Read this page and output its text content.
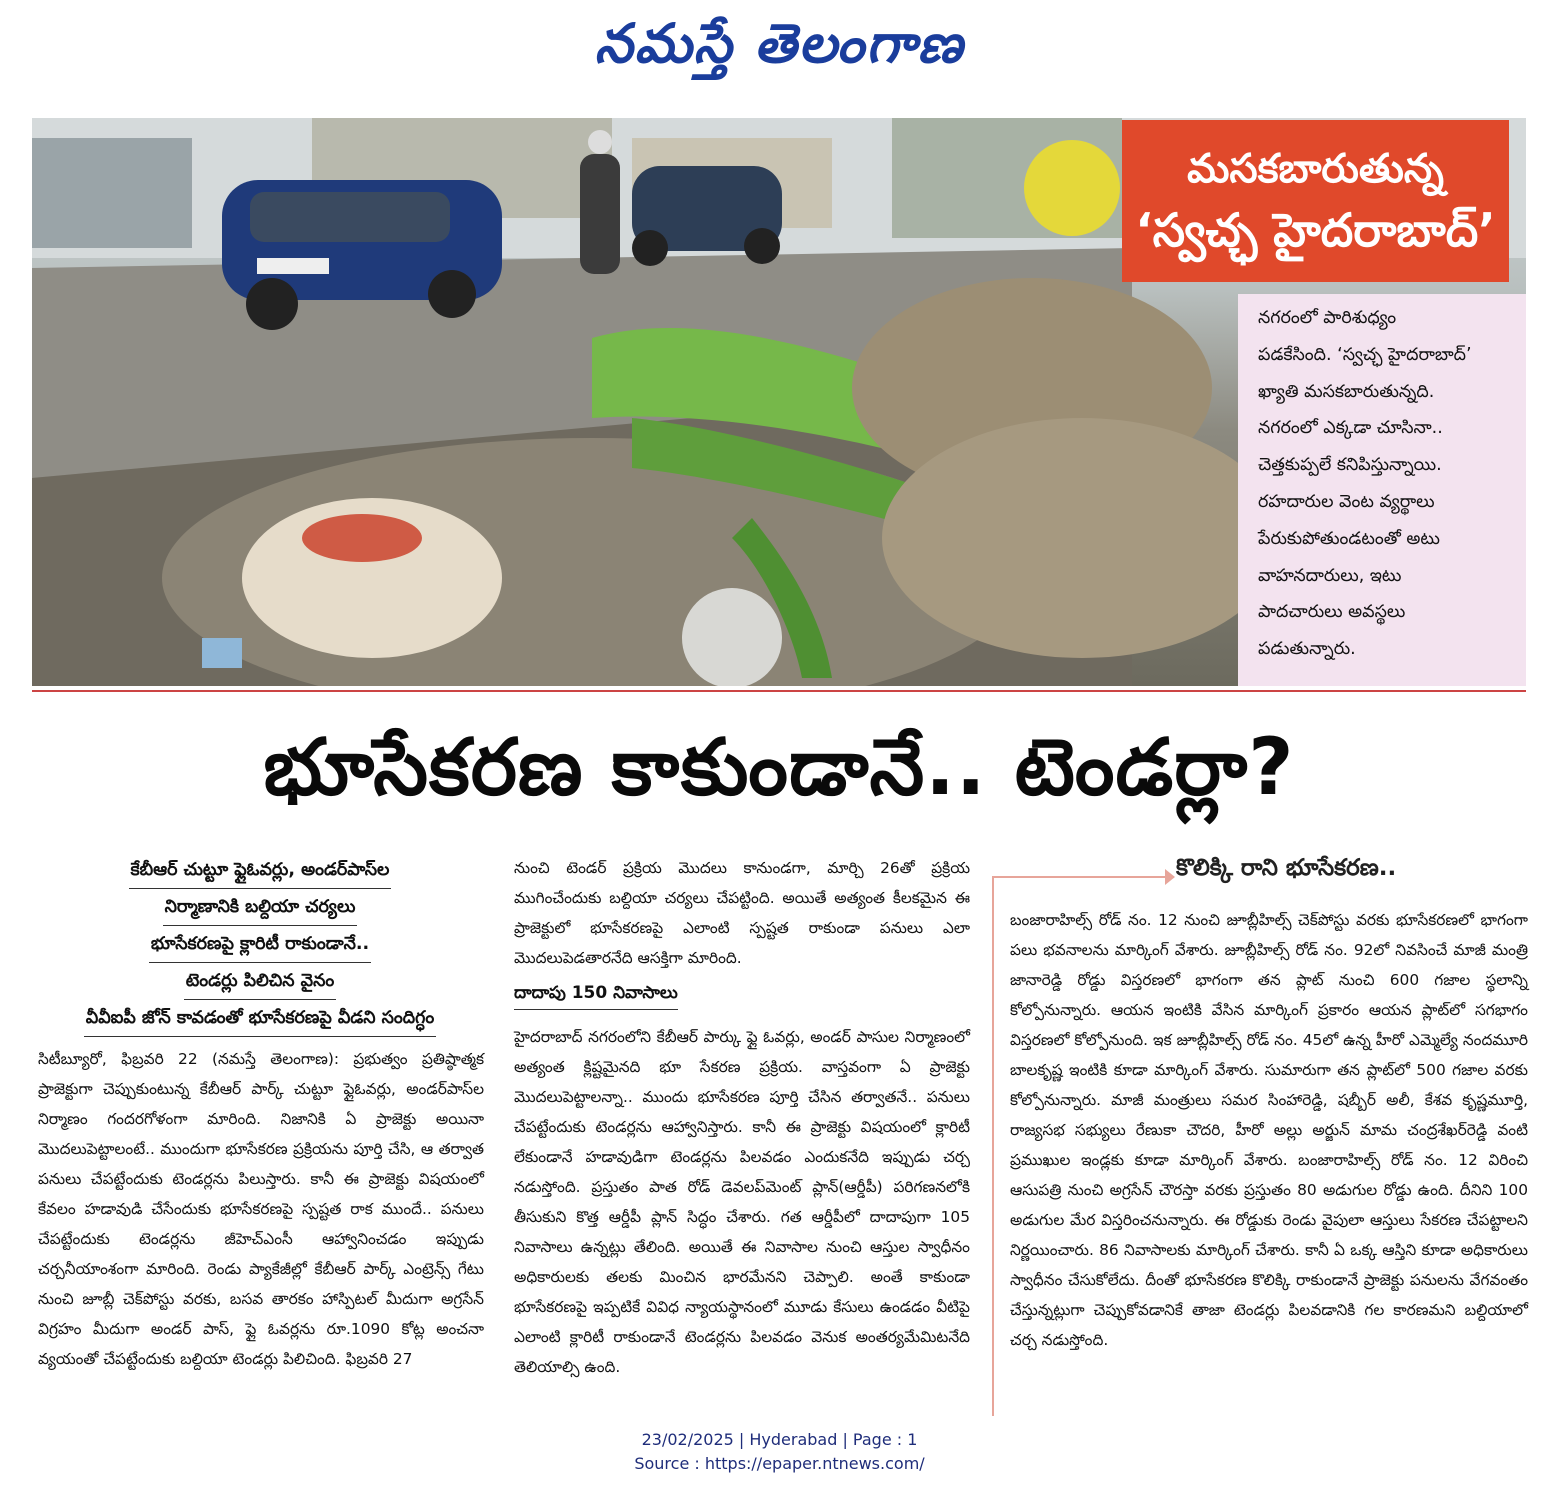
నమస్తే తెలంగాణ
మసకబారుతున్న
‘స్వచ్ఛ హైదరాబాద్’

నగరంలో పారిశుధ్యం

పడకేసింది. ‘స్వచ్ఛ హైదరాబాద్’

ఖ్యాతి మసకబారుతున్నది.

నగరంలో ఎక్కడా చూసినా..

చెత్తకుప్పలే కనిపిస్తున్నాయి.

రహదారుల వెంట వ్యర్థాలు

పేరుకుపోతుండటంతో అటు

వాహనదారులు, ఇటు

పాదచారులు అవస్థలు

పడుతున్నారు.

భూసేకరణ కాకుండానే.. టెండర్లా?
కేబీఆర్ చుట్టూ ఫ్లైఓవర్లు, అండర్‌పాస్‌ల
నిర్మాణానికి బల్దియా చర్యలు
భూసేకరణపై క్లారిటీ రాకుండానే..
టెండర్లు పిలిచిన వైనం
వీవీఐపీ జోన్ కావడంతో భూసేకరణపై వీడని సందిగ్ధం
సిటీబ్యూరో, ఫిబ్రవరి 22 (నమస్తే తెలంగాణ): ప్రభుత్వం ప్రతిష్ఠాత్మక ప్రాజెక్టుగా చెప్పుకుంటున్న కేబీఆర్ పార్క్ చుట్టూ ఫ్లైఓవర్లు, అండర్‌పాస్‌ల నిర్మాణం గందరగోళంగా మారింది. నిజానికి ఏ ప్రాజెక్టు అయినా మొదలుపెట్టాలంటే.. ముందుగా భూసేకరణ ప్రక్రియను పూర్తి చేసి, ఆ తర్వాత పనులు చేపట్టేందుకు టెండర్లను పిలుస్తారు. కానీ ఈ ప్రాజెక్టు విషయంలో కేవలం హడావుడి చేసేందుకు భూసేకరణపై స్పష్టత రాక ముందే.. పనులు చేపట్టేందుకు టెండర్లను జీహెచ్‌ఎంసీ ఆహ్వానించడం ఇప్పుడు చర్చనీయాంశంగా మారింది. రెండు ప్యాకేజీల్లో కేబీఆర్ పార్క్ ఎంట్రెన్స్ గేటు నుంచి జూబ్లీ చెక్‌పోస్టు వరకు, బసవ తారకం హాస్పిటల్ మీదుగా అగ్రసేన్ విగ్రహం మీదుగా అండర్ పాస్, ఫ్లై ఓవర్లను రూ.1090 కోట్ల అంచనా వ్యయంతో చేపట్టేందుకు బల్దియా టెండర్లు పిలిచింది. ఫిబ్రవరి 27
నుంచి టెండర్ ప్రక్రియ మొదలు కానుండగా, మార్చి 26తో ప్రక్రియ ముగించేందుకు బల్దియా చర్యలు చేపట్టింది. అయితే అత్యంత కీలకమైన ఈ ప్రాజెక్టులో భూసేకరణపై ఎలాంటి స్పష్టత రాకుండా పనులు ఎలా మొదలుపెడతారనేది ఆసక్తిగా మారింది.
దాదాపు 150 నివాసాలు
హైదరాబాద్ నగరంలోని కేబీఆర్ పార్కు ఫ్లై ఓవర్లు, అండర్ పాసుల నిర్మాణంలో అత్యంత క్లిష్టమైనది భూ సేకరణ ప్రక్రియ. వాస్తవంగా ఏ ప్రాజెక్టు మొదలుపెట్టాలన్నా.. ముందు భూసేకరణ పూర్తి చేసిన తర్వాతనే.. పనులు చేపట్టేందుకు టెండర్లను ఆహ్వానిస్తారు. కానీ ఈ ప్రాజెక్టు విషయంలో క్లారిటీ లేకుండానే హడావుడిగా టెండర్లను పిలవడం ఎందుకనేది ఇప్పుడు చర్చ నడుస్తోంది. ప్రస్తుతం పాత రోడ్ డెవలప్‌మెంట్ ప్లాన్(ఆర్డీపీ) పరిగణనలోకి తీసుకుని కొత్త ఆర్డీపీ ప్లాన్ సిద్ధం చేశారు. గత ఆర్డీపీలో దాదాపుగా 105 నివాసాలు ఉన్నట్లు తేలింది. అయితే ఈ నివాసాల నుంచి ఆస్తుల స్వాధీనం అధికారులకు తలకు మించిన భారమేనని చెప్పాలి. అంతే కాకుండా భూసేకరణపై ఇప్పటికే వివిధ న్యాయస్థానంలో మూడు కేసులు ఉండడం వీటిపై ఎలాంటి క్లారిటీ రాకుండానే టెండర్లను పిలవడం వెనుక అంతర్యమేమిటనేది తెలియాల్సి ఉంది.
కొలిక్కి రాని భూసేకరణ..
బంజారాహిల్స్ రోడ్ నం. 12 నుంచి జూబ్లీహిల్స్ చెక్‌పోస్టు వరకు భూసేకరణలో భాగంగా పలు భవనాలను మార్కింగ్ వేశారు. జూబ్లీహిల్స్ రోడ్ నం. 92లో నివసించే మాజీ మంత్రి జానారెడ్డి రోడ్డు విస్తరణలో భాగంగా తన ప్లాట్ నుంచి 600 గజాల స్థలాన్ని కోల్పోనున్నారు. ఆయన ఇంటికి వేసిన మార్కింగ్ ప్రకారం ఆయన ప్లాట్‌లో సగభాగం విస్తరణలో కోల్పోనుంది. ఇక జూబ్లీహిల్స్ రోడ్ నం. 45లో ఉన్న హీరో ఎమ్మెల్యే నందమూరి బాలకృష్ణ ఇంటికి కూడా మార్కింగ్ వేశారు. సుమారుగా తన ప్లాట్‌లో 500 గజాల వరకు కోల్పోనున్నారు. మాజీ మంత్రులు సమర సింహారెడ్డి, షబ్బీర్ అలీ, కేశవ కృష్ణమూర్తి, రాజ్యసభ సభ్యులు రేణుకా చౌదరి, హీరో అల్లు అర్జున్ మామ చంద్రశేఖర్‌రెడ్డి వంటి ప్రముఖుల ఇండ్లకు కూడా మార్కింగ్ వేశారు. బంజారాహిల్స్ రోడ్ నం. 12 విరించి ఆసుపత్రి నుంచి అగ్రసేన్ చౌరస్తా వరకు ప్రస్తుతం 80 అడుగుల రోడ్డు ఉంది. దీనిని 100 అడుగుల మేర విస్తరించనున్నారు. ఈ రోడ్డుకు రెండు వైపులా ఆస్తులు సేకరణ చేపట్టాలని నిర్ణయించారు. 86 నివాసాలకు మార్కింగ్ చేశారు. కానీ ఏ ఒక్క ఆస్తిని కూడా అధికారులు స్వాధీనం చేసుకోలేదు. దీంతో భూసేకరణ కొలిక్కి రాకుండానే ప్రాజెక్టు పనులను వేగవంతం చేస్తున్నట్లుగా చెప్పుకోవడానికే తాజా టెండర్లు పిలవడానికి గల కారణమని బల్దియాలో చర్చ నడుస్తోంది.
23/02/2025 | Hyderabad | Page : 1
Source : https://epaper.ntnews.com/
